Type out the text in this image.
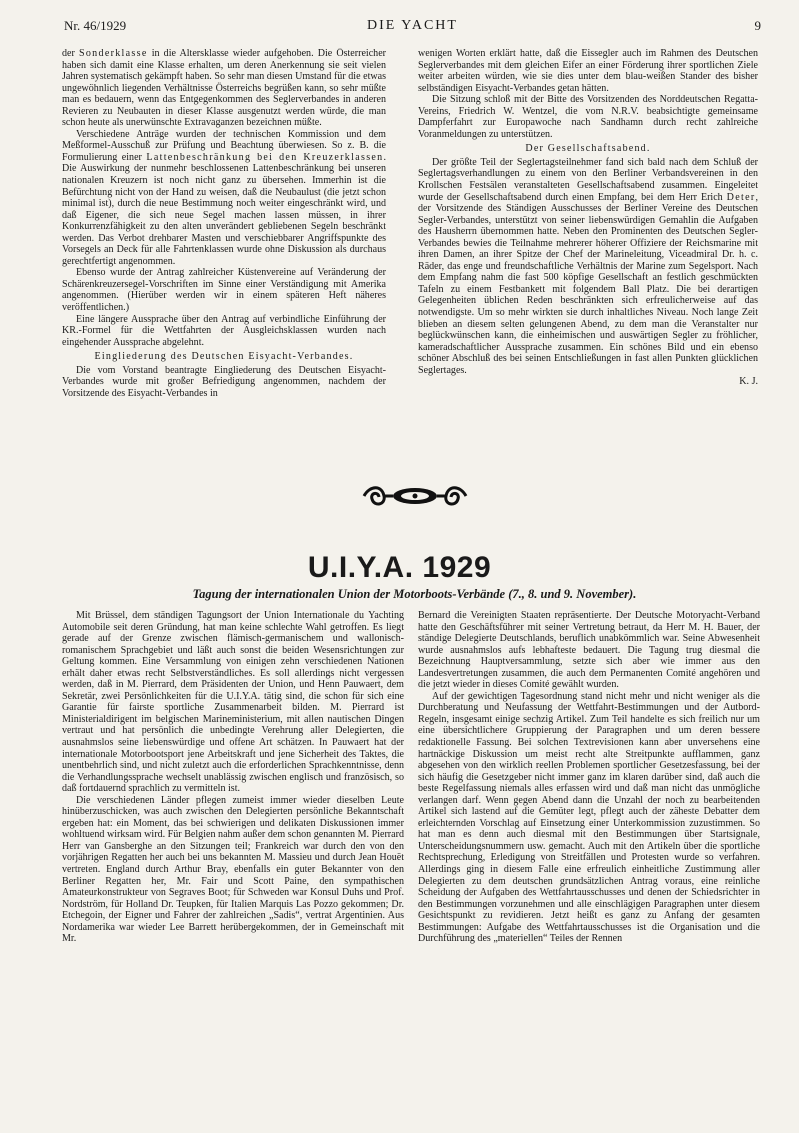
Nr. 46/1929	DIE YACHT	9

der Sonderklasse in die Altersklasse wieder aufgehoben. Die Österreicher haben sich damit eine Klasse erhalten, um deren Anerkennung sie seit vielen Jahren systematisch gekämpft haben. So sehr man diesen Umstand für die etwas ungewöhnlich liegenden Verhältnisse Österreichs begrüßen kann, so sehr müßte man es bedauern, wenn das Entgegenkommen des Seglerverbandes in anderen Revieren zu Neubauten in dieser Klasse ausgenutzt werden würde, die man schon heute als unerwünschte Extravaganzen bezeichnen müßte.

Verschiedene Anträge wurden der technischen Kommission und dem Meßformel-Ausschuß zur Prüfung und Beachtung überwiesen. So z. B. die Formulierung einer Lattenbeschränkung bei den Kreuzerklassen. Die Auswirkung der nunmehr beschlossenen Lattenbeschränkung bei unseren nationalen Kreuzern ist noch nicht ganz zu übersehen. Immerhin ist die Befürchtung nicht von der Hand zu weisen, daß die Neubaulust (die jetzt schon minimal ist), durch die neue Bestimmung noch weiter eingeschränkt wird, und daß Eigener, die sich neue Segel machen lassen müssen, in ihrer Konkurrenzfähigkeit zu den alten unverändert gebliebenen Segeln beschränkt werden. Das Verbot drehbarer Masten und verschiebbarer Angriffspunkte des Vorsegels an Deck für alle Fahrtenklassen wurde ohne Diskussion als durchaus gerechtfertigt angenommen.

Ebenso wurde der Antrag zahlreicher Küstenvereine auf Veränderung der Schärenkreuzersegel-Vorschriften im Sinne einer Verständigung mit Amerika angenommen. (Hierüber werden wir in einem späteren Heft näheres veröffentlichen.)

Eine längere Aussprache über den Antrag auf verbindliche Einführung der KR.-Formel für die Wettfahrten der Ausgleichsklassen wurden nach eingehender Aussprache abgelehnt.

Eingliederung des Deutschen Eisyacht-Verbandes.

Die vom Vorstand beantragte Eingliederung des Deutschen Eisyacht-Verbandes wurde mit großer Befriedigung angenommen, nachdem der Vorsitzende des Eisyacht-Verbandes in

wenigen Worten erklärt hatte, daß die Eissegler auch im Rahmen des Deutschen Seglerverbandes mit dem gleichen Eifer an einer Förderung ihrer sportlichen Ziele weiter arbeiten würden, wie sie dies unter dem blau-weißen Stander des bisher selbständigen Eisyacht-Verbandes getan hätten.

Die Sitzung schloß mit der Bitte des Vorsitzenden des Norddeutschen Regatta-Vereins, Friedrich W. Wentzel, die vom N.R.V. beabsichtigte gemeinsame Dampferfahrt zur Europawoche nach Sandhamn durch recht zahlreiche Voranmeldungen zu unterstützen.

Der Gesellschaftsabend.

Der größte Teil der Seglertagsteilnehmer fand sich bald nach dem Schluß der Seglertagsverhandlungen zu einem von den Berliner Verbandsvereinen in den Krollschen Festsälen veranstalteten Gesellschaftsabend zusammen. Eingeleitet wurde der Gesellschaftsabend durch einen Empfang, bei dem Herr Erich Deter, der Vorsitzende des Ständigen Ausschusses der Berliner Vereine des Deutschen Segler-Verbandes, unterstützt von seiner liebenswürdigen Gemahlin die Aufgaben des Hausherrn übernommen hatte. Neben den Prominenten des Deutschen Segler-Verbandes bewies die Teilnahme mehrerer höherer Offiziere der Reichsmarine mit ihren Damen, an ihrer Spitze der Chef der Marineleitung, Viceadmiral Dr. h. c. Räder, das enge und freundschaftliche Verhältnis der Marine zum Segelsport. Nach dem Empfang nahm die fast 500 köpfige Gesellschaft an festlich geschmückten Tafeln zu einem Festbankett mit folgendem Ball Platz. Die bei derartigen Gelegenheiten üblichen Reden beschränkten sich erfreulicherweise auf das notwendigste. Um so mehr wirkten sie durch inhaltliches Niveau. Noch lange Zeit blieben an diesem selten gelungenen Abend, zu dem man die Veranstalter nur beglückwünschen kann, die einheimischen und auswärtigen Segler zu fröhlicher, kameradschaftlicher Aussprache zusammen. Ein schönes Bild und ein ebenso schöner Abschluß des bei seinen Entschließungen in fast allen Punkten glücklichen Seglertages.

K. J.

U.I.Y.A. 1929
Tagung der internationalen Union der Motorboots-Verbände (7., 8. und 9. November).

Mit Brüssel, dem ständigen Tagungsort der Union Internationale du Yachting Automobile seit deren Gründung, hat man keine schlechte Wahl getroffen. Es liegt gerade auf der Grenze zwischen flämisch-germanischem und wallonisch-romanischem Sprachgebiet und läßt auch sonst die beiden Wesensrichtungen zur Geltung kommen. Eine Versammlung von einigen zehn verschiedenen Nationen erhält daher etwas recht Selbstverständliches. Es soll allerdings nicht vergessen werden, daß in M. Pierrard, dem Präsidenten der Union, und Henn Pauwaert, dem Sekretär, zwei Persönlichkeiten für die U.I.Y.A. tätig sind, die schon für sich eine Garantie für fairste sportliche Zusammenarbeit bilden. M. Pierrard ist Ministerialdirigent im belgischen Marineministerium, mit allen nautischen Dingen vertraut und hat persönlich die unbedingte Verehrung aller Delegierten, die ausnahmslos seine liebenswürdige und offene Art schätzen. In Pauwaert hat der internationale Motorbootsport jene Arbeitskraft und jene Sicherheit des Taktes, die unentbehrlich sind, und nicht zuletzt auch die erforderlichen Sprachkenntnisse, denn die Verhandlungssprache wechselt unablässig zwischen englisch und französisch, so daß fortdauernd sprachlich zu vermitteln ist.

Die verschiedenen Länder pflegen zumeist immer wieder dieselben Leute hinüberzuschicken, was auch zwischen den Delegierten persönliche Bekanntschaft ergeben hat: ein Moment, das bei schwierigen und delikaten Diskussionen immer wohltuend wirksam wird. Für Belgien nahm außer dem schon genannten M. Pierrard Herr van Gansberghe an den Sitzungen teil; Frankreich war durch den von den vorjährigen Regatten her auch bei uns bekannten M. Massieu und durch Jean Houët vertreten. England durch Arthur Bray, ebenfalls ein guter Bekannter von den Berliner Regatten her, Mr. Fair und Scott Paine, den sympathischen Amateurkonstrukteur von Segraves Boot; für Schweden war Konsul Duhs und Prof. Nordström, für Holland Dr. Teupken, für Italien Marquis Las Pozzo gekommen; Dr. Etchegoin, der Eigner und Fahrer der zahlreichen „Sadis“, vertrat Argentinien. Aus Nordamerika war wieder Lee Barrett herübergekommen, der in Gemeinschaft mit Mr.

Bernard die Vereinigten Staaten repräsentierte. Der Deutsche Motoryacht-Verband hatte den Geschäftsführer mit seiner Vertretung betraut, da Herr M. H. Bauer, der ständige Delegierte Deutschlands, beruflich unabkömmlich war. Seine Abwesenheit wurde ausnahmslos aufs lebhafteste bedauert. Die Tagung trug diesmal die Bezeichnung Hauptversammlung, setzte sich aber wie immer aus den Landesvertretungen zusammen, die auch dem Permanenten Comité angehören und die jetzt wieder in dieses Comité gewählt wurden.

Auf der gewichtigen Tagesordnung stand nicht mehr und nicht weniger als die Durchberatung und Neufassung der Wettfahrt-Bestimmungen und der Autbord-Regeln, insgesamt einige sechzig Artikel. Zum Teil handelte es sich freilich nur um eine übersichtlichere Gruppierung der Paragraphen und um deren bessere redaktionelle Fassung. Bei solchen Textrevisionen kann aber unversehens eine hartnäckige Diskussion um meist recht alte Streitpunkte aufflammen, ganz abgesehen von den wirklich reellen Problemen sportlicher Gesetzesfassung, bei der sich häufig die Gesetzgeber nicht immer ganz im klaren darüber sind, daß auch die beste Regelfassung niemals alles erfassen wird und daß man nicht das unmögliche verlangen darf. Wenn gegen Abend dann die Unzahl der noch zu bearbeitenden Artikel sich lastend auf die Gemüter legt, pflegt auch der zäheste Debatter dem erleichternden Vorschlag auf Einsetzung einer Unterkommission zuzustimmen. So hat man es denn auch diesmal mit den Bestimmungen über Startsignale, Unterscheidungsnummern usw. gemacht. Auch mit den Artikeln über die sportliche Rechtsprechung, Erledigung von Streitfällen und Protesten wurde so verfahren. Allerdings ging in diesem Falle eine erfreulich einheitliche Zustimmung aller Delegierten zu dem deutschen grundsätzlichen Antrag voraus, eine reinliche Scheidung der Aufgaben des Wettfahrtausschusses und denen der Schiedsrichter in den Bestimmungen vorzunehmen und alle einschlägigen Paragraphen unter diesem Gesichtspunkt zu revidieren. Jetzt heißt es ganz zu Anfang der gesamten Bestimmungen: Aufgabe des Wettfahrtausschusses ist die Organisation und die Durchführung des „materiellen“ Teiles der Rennen
